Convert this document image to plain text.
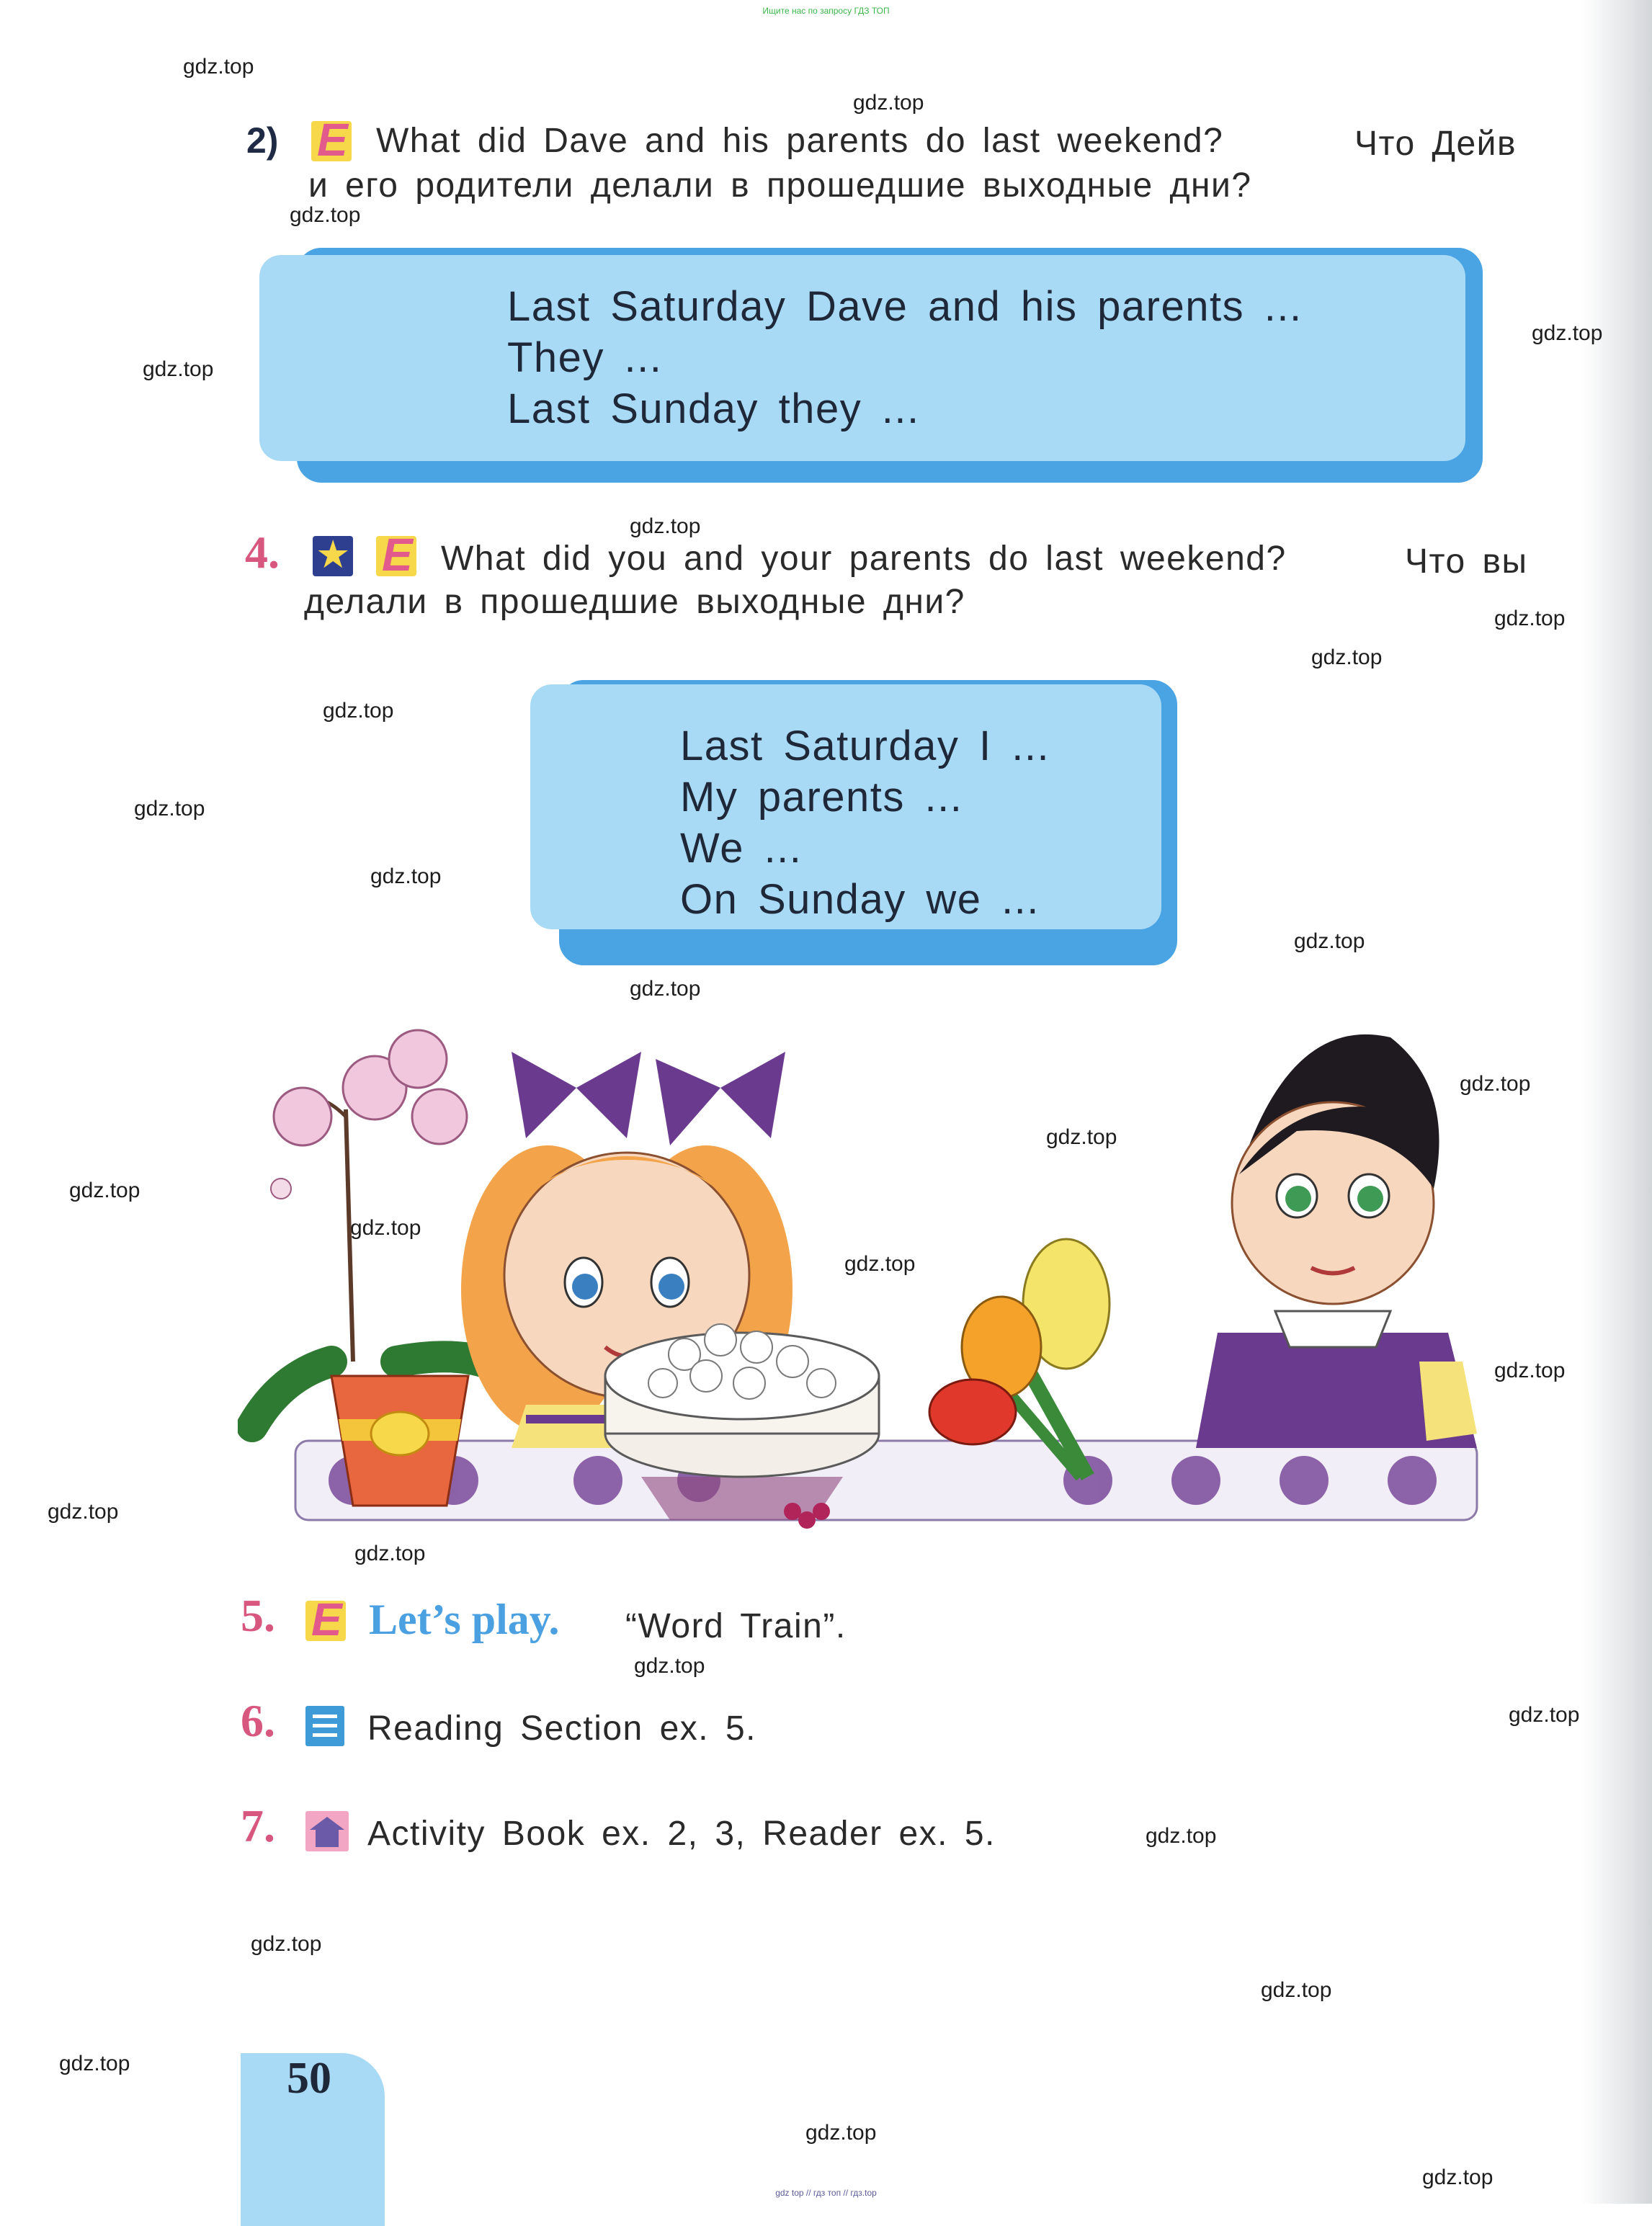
Ищите нас по запросу ГДЗ ТОП
gdz.top
gdz.top
gdz.top
gdz.top
gdz.top
gdz.top
gdz.top
gdz.top
gdz.top
gdz.top
gdz.top
gdz.top
gdz.top
gdz.top
gdz.top
gdz.top
gdz.top
gdz.top
gdz.top
gdz.top
gdz.top
gdz.top
gdz.top
gdz.top
gdz.top
gdz.top
gdz.top
gdz.top
gdz.top
2) E What did Dave and his parents do last weekend?	Что Дейв
и его родители делали в прошедшие выходные дни?
Last Saturday Dave and his parents ...
They ...
Last Sunday they ...
4. ★ E What did you and your parents do last weekend?	Что вы
делали в прошедшие выходные дни?
Last Saturday I ...
My parents ...
We ...
On Sunday we ...
5. E Let’s play. “Word Train”.
6.	Reading Section ex. 5.
7.	Activity Book ex. 2, 3, Reader ex. 5.
50
gdz top // гдз топ // гдз.top
